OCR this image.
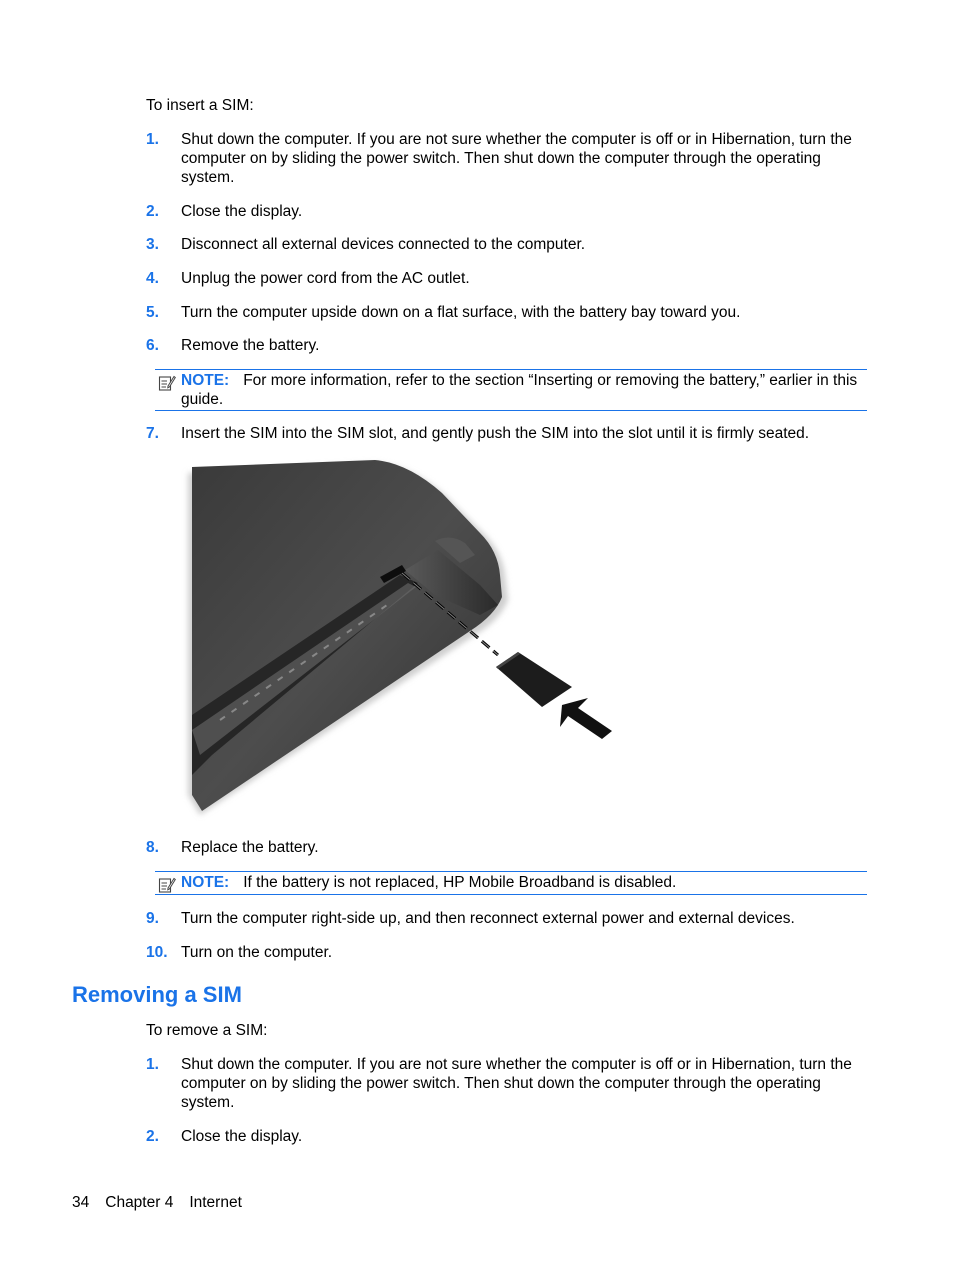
To insert a SIM:
1. Shut down the computer. If you are not sure whether the computer is off or in Hibernation, turn the computer on by sliding the power switch. Then shut down the computer through the operating system.
2. Close the display.
3. Disconnect all external devices connected to the computer.
4. Unplug the power cord from the AC outlet.
5. Turn the computer upside down on a flat surface, with the battery bay toward you.
6. Remove the battery.
NOTE: For more information, refer to the section “Inserting or removing the battery,” earlier in this guide.
7. Insert the SIM into the SIM slot, and gently push the SIM into the slot until it is firmly seated.
8. Replace the battery.
NOTE: If the battery is not replaced, HP Mobile Broadband is disabled.
9. Turn the computer right-side up, and then reconnect external power and external devices.
10. Turn on the computer.
Removing a SIM
To remove a SIM:
1. Shut down the computer. If you are not sure whether the computer is off or in Hibernation, turn the computer on by sliding the power switch. Then shut down the computer through the operating system.
2. Close the display.
34 Chapter 4 Internet
